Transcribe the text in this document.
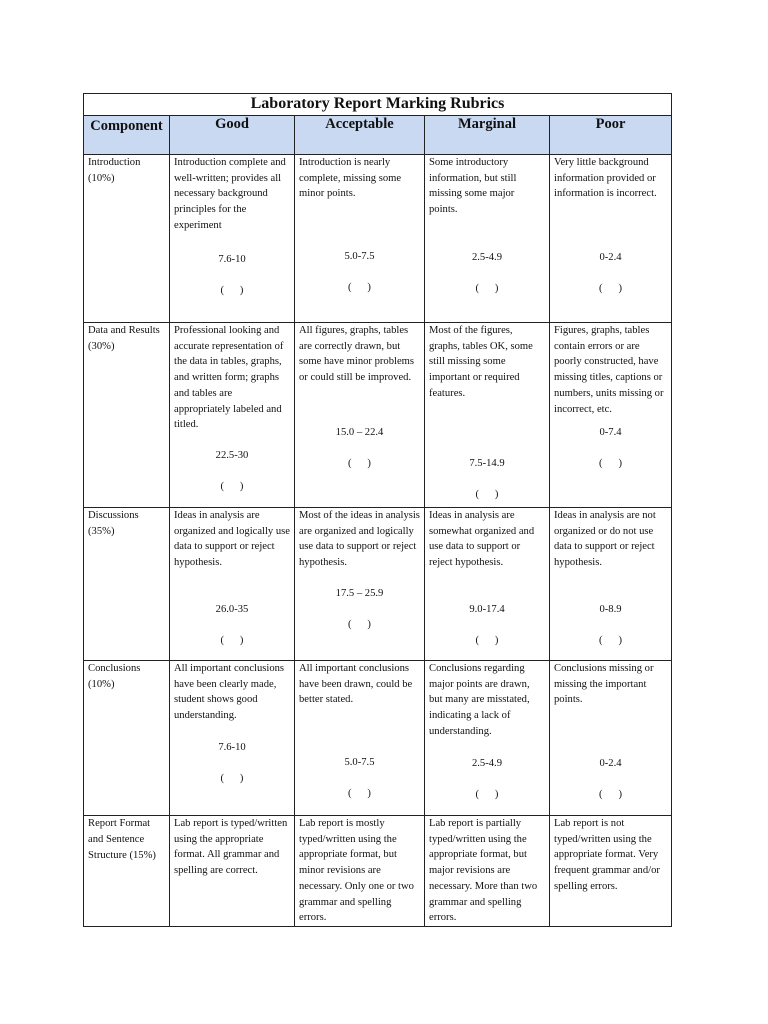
Laboratory Report Marking Rubrics				
Component	Good	Acceptable	Marginal	Poor
Introduction (10%)	Introduction complete and well-written; provides all necessary background principles for the experiment
7.6-10
(      )	Introduction is nearly complete, missing some minor points.
5.0-7.5
(      )	Some introductory information, but still missing some major points.
2.5-4.9
(      )	Very little background information provided or information is incorrect.
0-2.4
(      )

Data and Results (30%)	Professional looking and accurate representation of the data in tables, graphs, and written form; graphs and tables are appropriately labeled and titled.
22.5-30
(      )	All figures, graphs, tables are correctly drawn, but some have minor problems or could still be improved.
15.0 – 22.4
(      )	Most of the figures, graphs, tables OK, some still missing some important or required features.
7.5-14.9
(      )	Figures, graphs, tables contain errors or are poorly constructed, have missing titles, captions or numbers, units missing or incorrect, etc.
0-7.4
(      )

Discussions (35%)	Ideas in analysis are organized and logically use data to support or reject hypothesis.
26.0-35
(      )	Most of the ideas in analysis are organized and logically use data to support or reject hypothesis.
17.5 – 25.9
(      )	Ideas in analysis are somewhat organized and use data to support or reject hypothesis.
9.0-17.4
(      )	Ideas in analysis are not organized or do not use data to support or reject hypothesis.
0-8.9
(      )

Conclusions (10%)	All important conclusions have been clearly made, student shows good understanding.
7.6-10
(      )	All important conclusions have been drawn, could be better stated.
5.0-7.5
(      )	Conclusions regarding major points are drawn, but many are misstated, indicating a lack of understanding.
2.5-4.9
(      )	Conclusions missing or missing the important points.
0-2.4
(      )

Report Format and Sentence Structure (15%)	Lab report is typed/written using the appropriate format. All grammar and spelling are correct.	Lab report is mostly typed/written using the appropriate format, but minor revisions are necessary. Only one or two grammar and spelling errors.	Lab report is partially typed/written using the appropriate format, but major revisions are necessary. More than two grammar and spelling errors.	Lab report is not typed/written using the appropriate format. Very frequent grammar and/or spelling errors.
